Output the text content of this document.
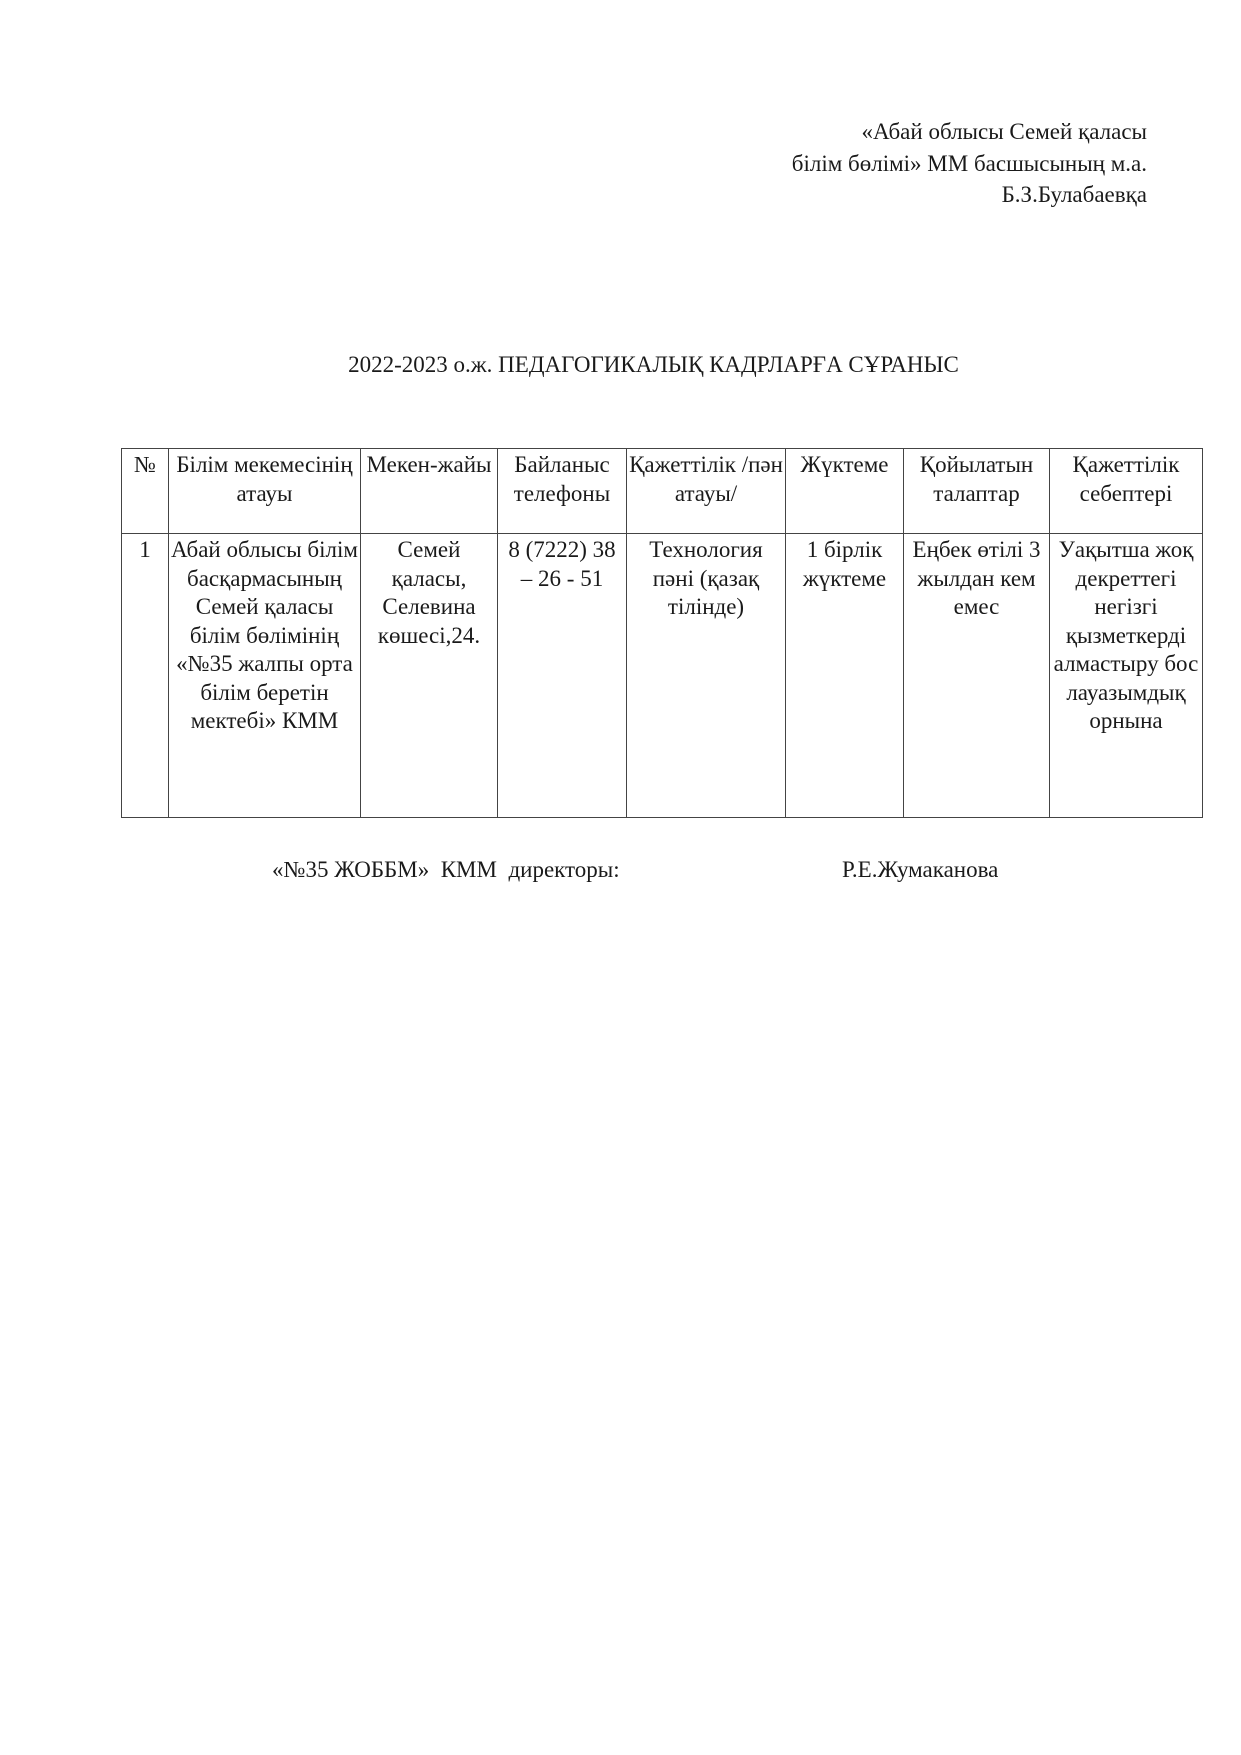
«Абай облысы Семей қаласы
білім бөлімі» ММ басшысының м.а.
Б.З.Булабаевқа
2022-2023 о.ж. ПЕДАГОГИКАЛЫҚ КАДРЛАРҒА СҰРАНЫС
№	Білім мекемесінің атауы	Мекен-жайы	Байланыс телефоны	Қажеттілік /пән атауы/	Жүктеме	Қойылатын талаптар	Қажеттілік себептері
1	Абай облысы білім басқармасының Семей қаласы білім бөлімінің «№35 жалпы орта білім беретін мектебі» КММ	Семей қаласы, Селевина көшесі,24.	8 (7222) 38 – 26 - 51	Технология пәні (қазақ тілінде)	1 бірлік жүктеме	Еңбек өтілі 3 жылдан кем емес	Уақытша жоқ декреттегі негізгі қызметкерді алмастыру бос лауазымдық орнына
«№35 ЖОББМ»  КММ  директоры:	Р.Е.Жумаканова
